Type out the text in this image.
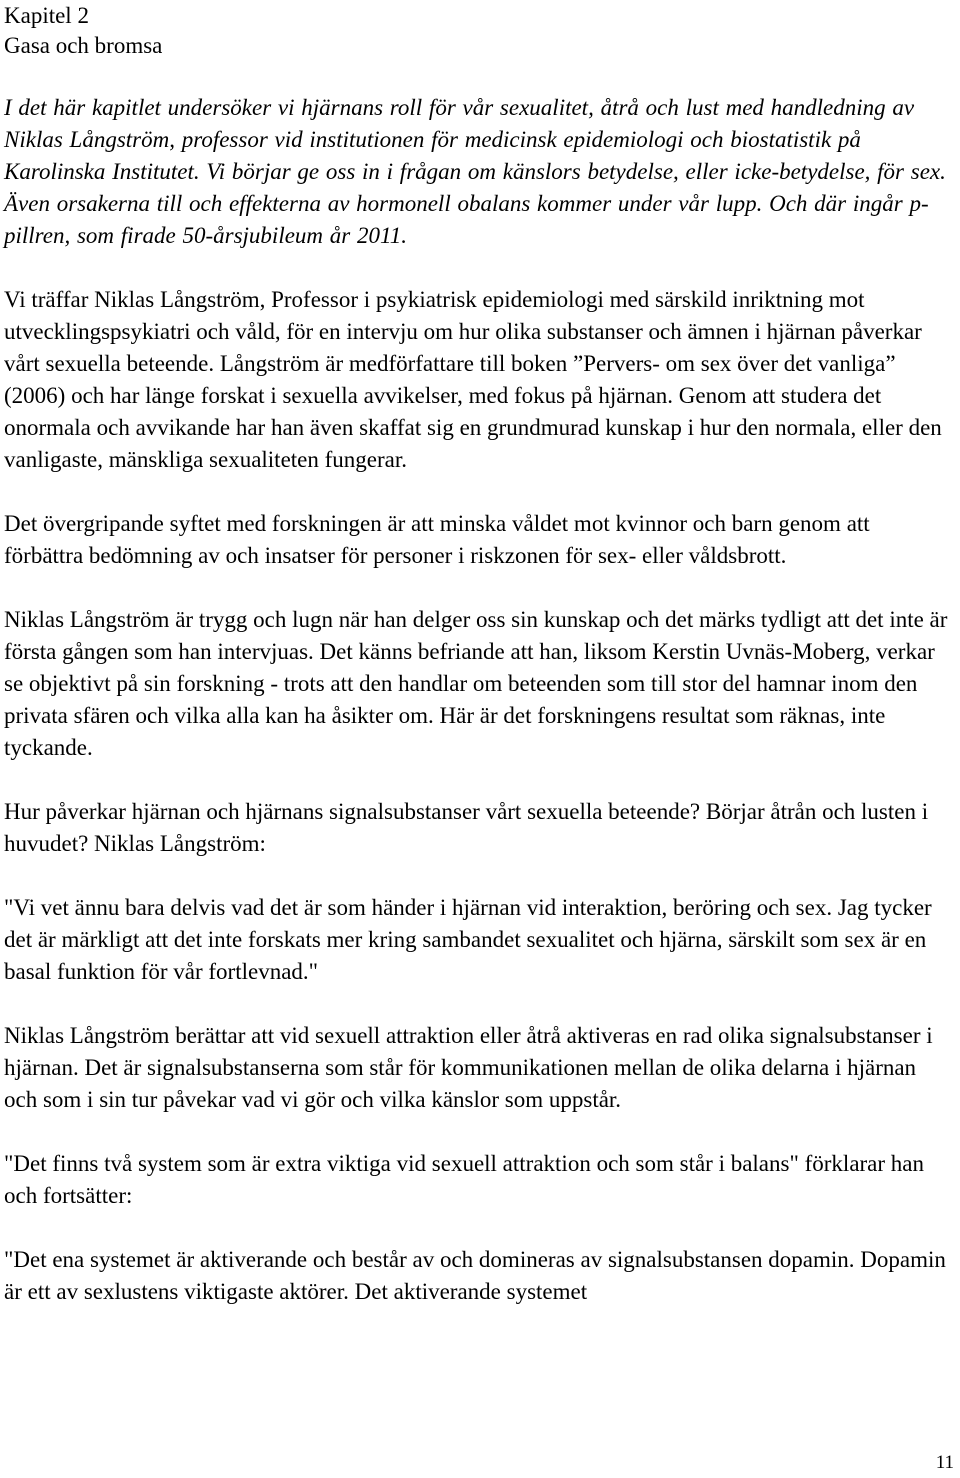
Kapitel 2
Gasa och bromsa

I det här kapitlet undersöker vi hjärnans roll för vår sexualitet, åtrå och lust med handledning av Niklas Långström, professor vid institutionen för medicinsk epidemiologi och biostatistik på Karolinska Institutet. Vi börjar ge oss in i frågan om känslors betydelse, eller icke-betydelse, för sex. Även orsakerna till och effekterna av hormonell obalans kommer under vår lupp. Och där ingår p-pillren, som firade 50-årsjubileum år 2011.

Vi träffar Niklas Långström, Professor i psykiatrisk epidemiologi med särskild inriktning mot utvecklingspsykiatri och våld, för en intervju om hur olika substanser och ämnen i hjärnan påverkar vårt sexuella beteende. Långström är medförfattare till boken ”Pervers- om sex över det vanliga” (2006) och har länge forskat i sexuella avvikelser, med fokus på hjärnan. Genom att studera det onormala och avvikande har han även skaffat sig en grundmurad kunskap i hur den normala, eller den vanligaste, mänskliga sexualiteten fungerar.

Det övergripande syftet med forskningen är att minska våldet mot kvinnor och barn genom att förbättra bedömning av och insatser för personer i riskzonen för sex- eller våldsbrott.

Niklas Långström är trygg och lugn när han delger oss sin kunskap och det märks tydligt att det inte är första gången som han intervjuas. Det känns befriande att han, liksom Kerstin Uvnäs-Moberg, verkar se objektivt på sin forskning - trots att den handlar om beteenden som till stor del hamnar inom den privata sfären och vilka alla kan ha åsikter om. Här är det forskningens resultat som räknas, inte tyckande.

Hur påverkar hjärnan och hjärnans signalsubstanser vårt sexuella beteende? Börjar åtrån och lusten i huvudet? Niklas Långström:

"Vi vet ännu bara delvis vad det är som händer i hjärnan vid interaktion, beröring och sex. Jag tycker det är märkligt att det inte forskats mer kring sambandet sexualitet och hjärna, särskilt som sex är en basal funktion för vår fortlevnad."

Niklas Långström berättar att vid sexuell attraktion eller åtrå aktiveras en rad olika signalsubstanser i hjärnan. Det är signalsubstanserna som står för kommunikationen mellan de olika delarna i hjärnan och som i sin tur påvekar vad vi gör och vilka känslor som uppstår.

"Det finns två system som är extra viktiga vid sexuell attraktion och som står i balans" förklarar han och fortsätter:

"Det ena systemet är aktiverande och består av och domineras av signalsubstansen dopamin. Dopamin är ett av sexlustens viktigaste aktörer. Det aktiverande systemet

11
